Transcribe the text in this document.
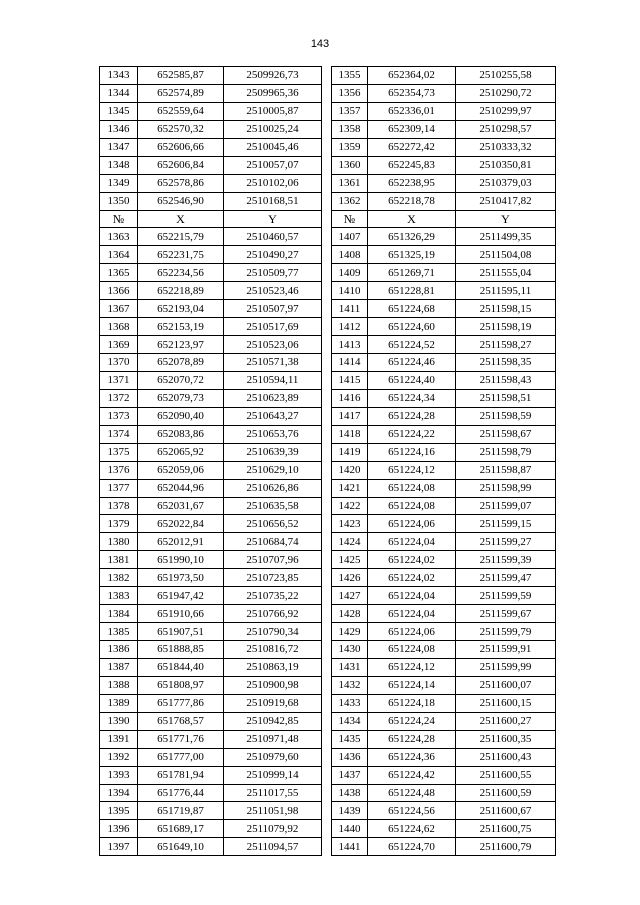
143
1343	652585,87	2509926,73
1344	652574,89	2509965,36
1345	652559,64	2510005,87
1346	652570,32	2510025,24
1347	652606,66	2510045,46
1348	652606,84	2510057,07
1349	652578,86	2510102,06
1350	652546,90	2510168,51
№	X	Y
1363	652215,79	2510460,57
1364	652231,75	2510490,27
1365	652234,56	2510509,77
1366	652218,89	2510523,46
1367	652193,04	2510507,97
1368	652153,19	2510517,69
1369	652123,97	2510523,06
1370	652078,89	2510571,38
1371	652070,72	2510594,11
1372	652079,73	2510623,89
1373	652090,40	2510643,27
1374	652083,86	2510653,76
1375	652065,92	2510639,39
1376	652059,06	2510629,10
1377	652044,96	2510626,86
1378	652031,67	2510635,58
1379	652022,84	2510656,52
1380	652012,91	2510684,74
1381	651990,10	2510707,96
1382	651973,50	2510723,85
1383	651947,42	2510735,22
1384	651910,66	2510766,92
1385	651907,51	2510790,34
1386	651888,85	2510816,72
1387	651844,40	2510863,19
1388	651808,97	2510900,98
1389	651777,86	2510919,68
1390	651768,57	2510942,85
1391	651771,76	2510971,48
1392	651777,00	2510979,60
1393	651781,94	2510999,14
1394	651776,44	2511017,55
1395	651719,87	2511051,98
1396	651689,17	2511079,92
1397	651649,10	2511094,57
1355	652364,02	2510255,58
1356	652354,73	2510290,72
1357	652336,01	2510299,97
1358	652309,14	2510298,57
1359	652272,42	2510333,32
1360	652245,83	2510350,81
1361	652238,95	2510379,03
1362	652218,78	2510417,82
№	X	Y
1407	651326,29	2511499,35
1408	651325,19	2511504,08
1409	651269,71	2511555,04
1410	651228,81	2511595,11
1411	651224,68	2511598,15
1412	651224,60	2511598,19
1413	651224,52	2511598,27
1414	651224,46	2511598,35
1415	651224,40	2511598,43
1416	651224,34	2511598,51
1417	651224,28	2511598,59
1418	651224,22	2511598,67
1419	651224,16	2511598,79
1420	651224,12	2511598,87
1421	651224,08	2511598,99
1422	651224,08	2511599,07
1423	651224,06	2511599,15
1424	651224,04	2511599,27
1425	651224,02	2511599,39
1426	651224,02	2511599,47
1427	651224,04	2511599,59
1428	651224,04	2511599,67
1429	651224,06	2511599,79
1430	651224,08	2511599,91
1431	651224,12	2511599,99
1432	651224,14	2511600,07
1433	651224,18	2511600,15
1434	651224,24	2511600,27
1435	651224,28	2511600,35
1436	651224,36	2511600,43
1437	651224,42	2511600,55
1438	651224,48	2511600,59
1439	651224,56	2511600,67
1440	651224,62	2511600,75
1441	651224,70	2511600,79
